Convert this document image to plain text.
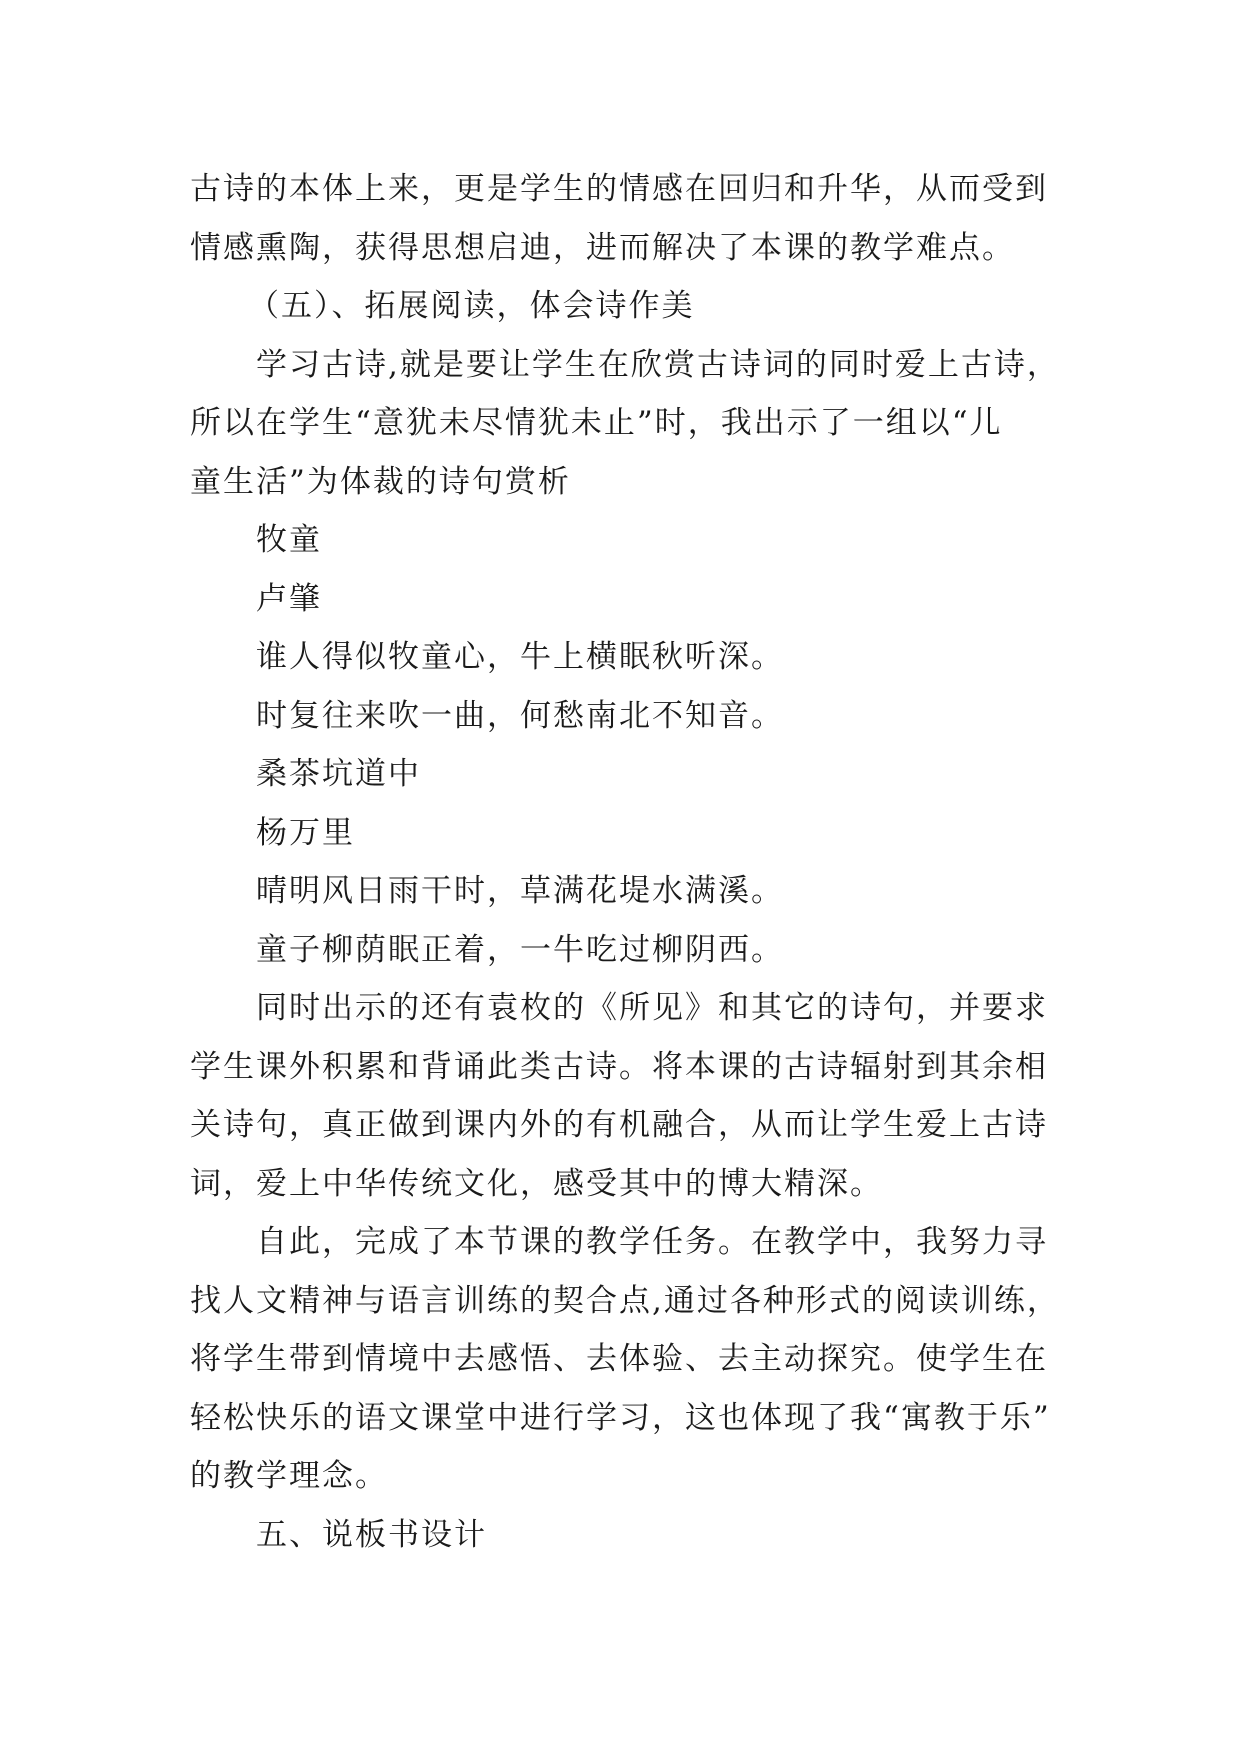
古诗的本体上来，更是学生的情感在回归和升华，从而受到
情感熏陶，获得思想启迪，进而解决了本课的教学难点。
（五）、拓展阅读，体会诗作美
学习古诗,就是要让学生在欣赏古诗词的同时爱上古诗，
所以在学生“意犹未尽情犹未止”时，我出示了一组以“儿
童生活”为体裁的诗句赏析
牧童
卢肇
谁人得似牧童心，牛上横眠秋听深。
时复往来吹一曲，何愁南北不知音。
桑茶坑道中
杨万里
晴明风日雨干时，草满花堤水满溪。
童子柳荫眠正着，一牛吃过柳阴西。
同时出示的还有袁枚的《所见》和其它的诗句，并要求
学生课外积累和背诵此类古诗。将本课的古诗辐射到其余相
关诗句，真正做到课内外的有机融合，从而让学生爱上古诗
词，爱上中华传统文化，感受其中的博大精深。
自此，完成了本节课的教学任务。在教学中，我努力寻
找人文精神与语言训练的契合点,通过各种形式的阅读训练，
将学生带到情境中去感悟、去体验、去主动探究。使学生在
轻松快乐的语文课堂中进行学习，这也体现了我“寓教于乐”
的教学理念。
五、说板书设计
